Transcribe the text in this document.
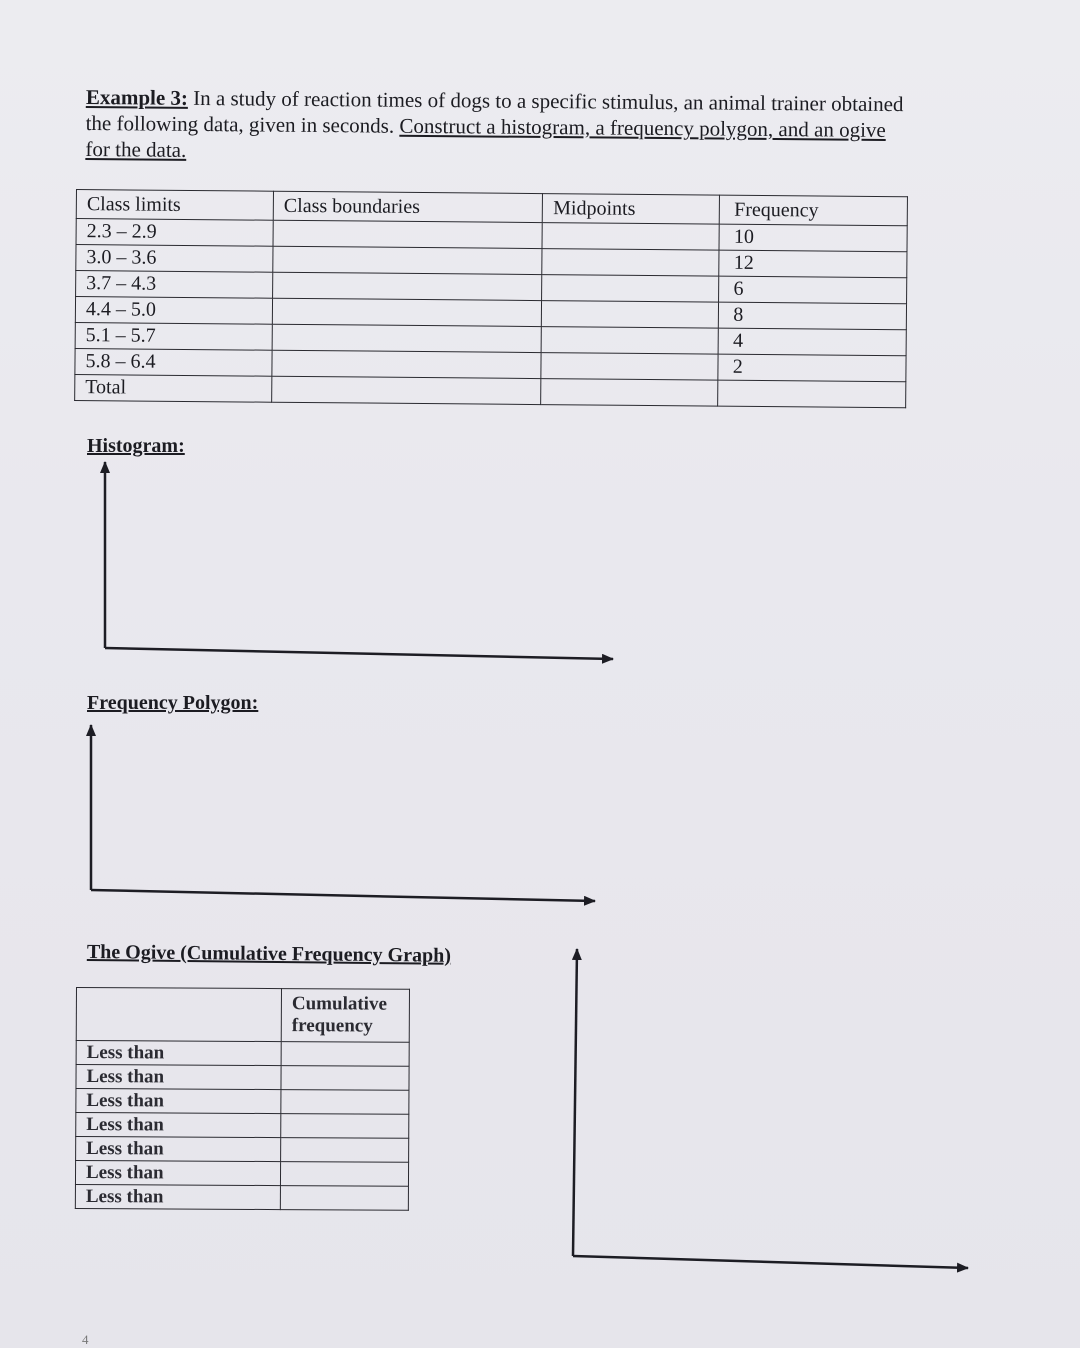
Example 3: In a study of reaction times of dogs to a specific stimulus, an animal trainer obtained the following data, given in seconds. Construct a histogram, a frequency polygon, and an ogive for the data.
Class limits	Class boundaries	Midpoints	Frequency
2.3 – 2.9			10
3.0 – 3.6			12
3.7 – 4.3			6
4.4 – 5.0			8
5.1 – 5.7			4
5.8 – 6.4			2
Total			
Histogram:
Frequency Polygon:
The Ogive (Cumulative Frequency Graph)

	Cumulative
frequency

Less than	
Less than	
Less than	
Less than	
Less than	
Less than	
Less than	
4
